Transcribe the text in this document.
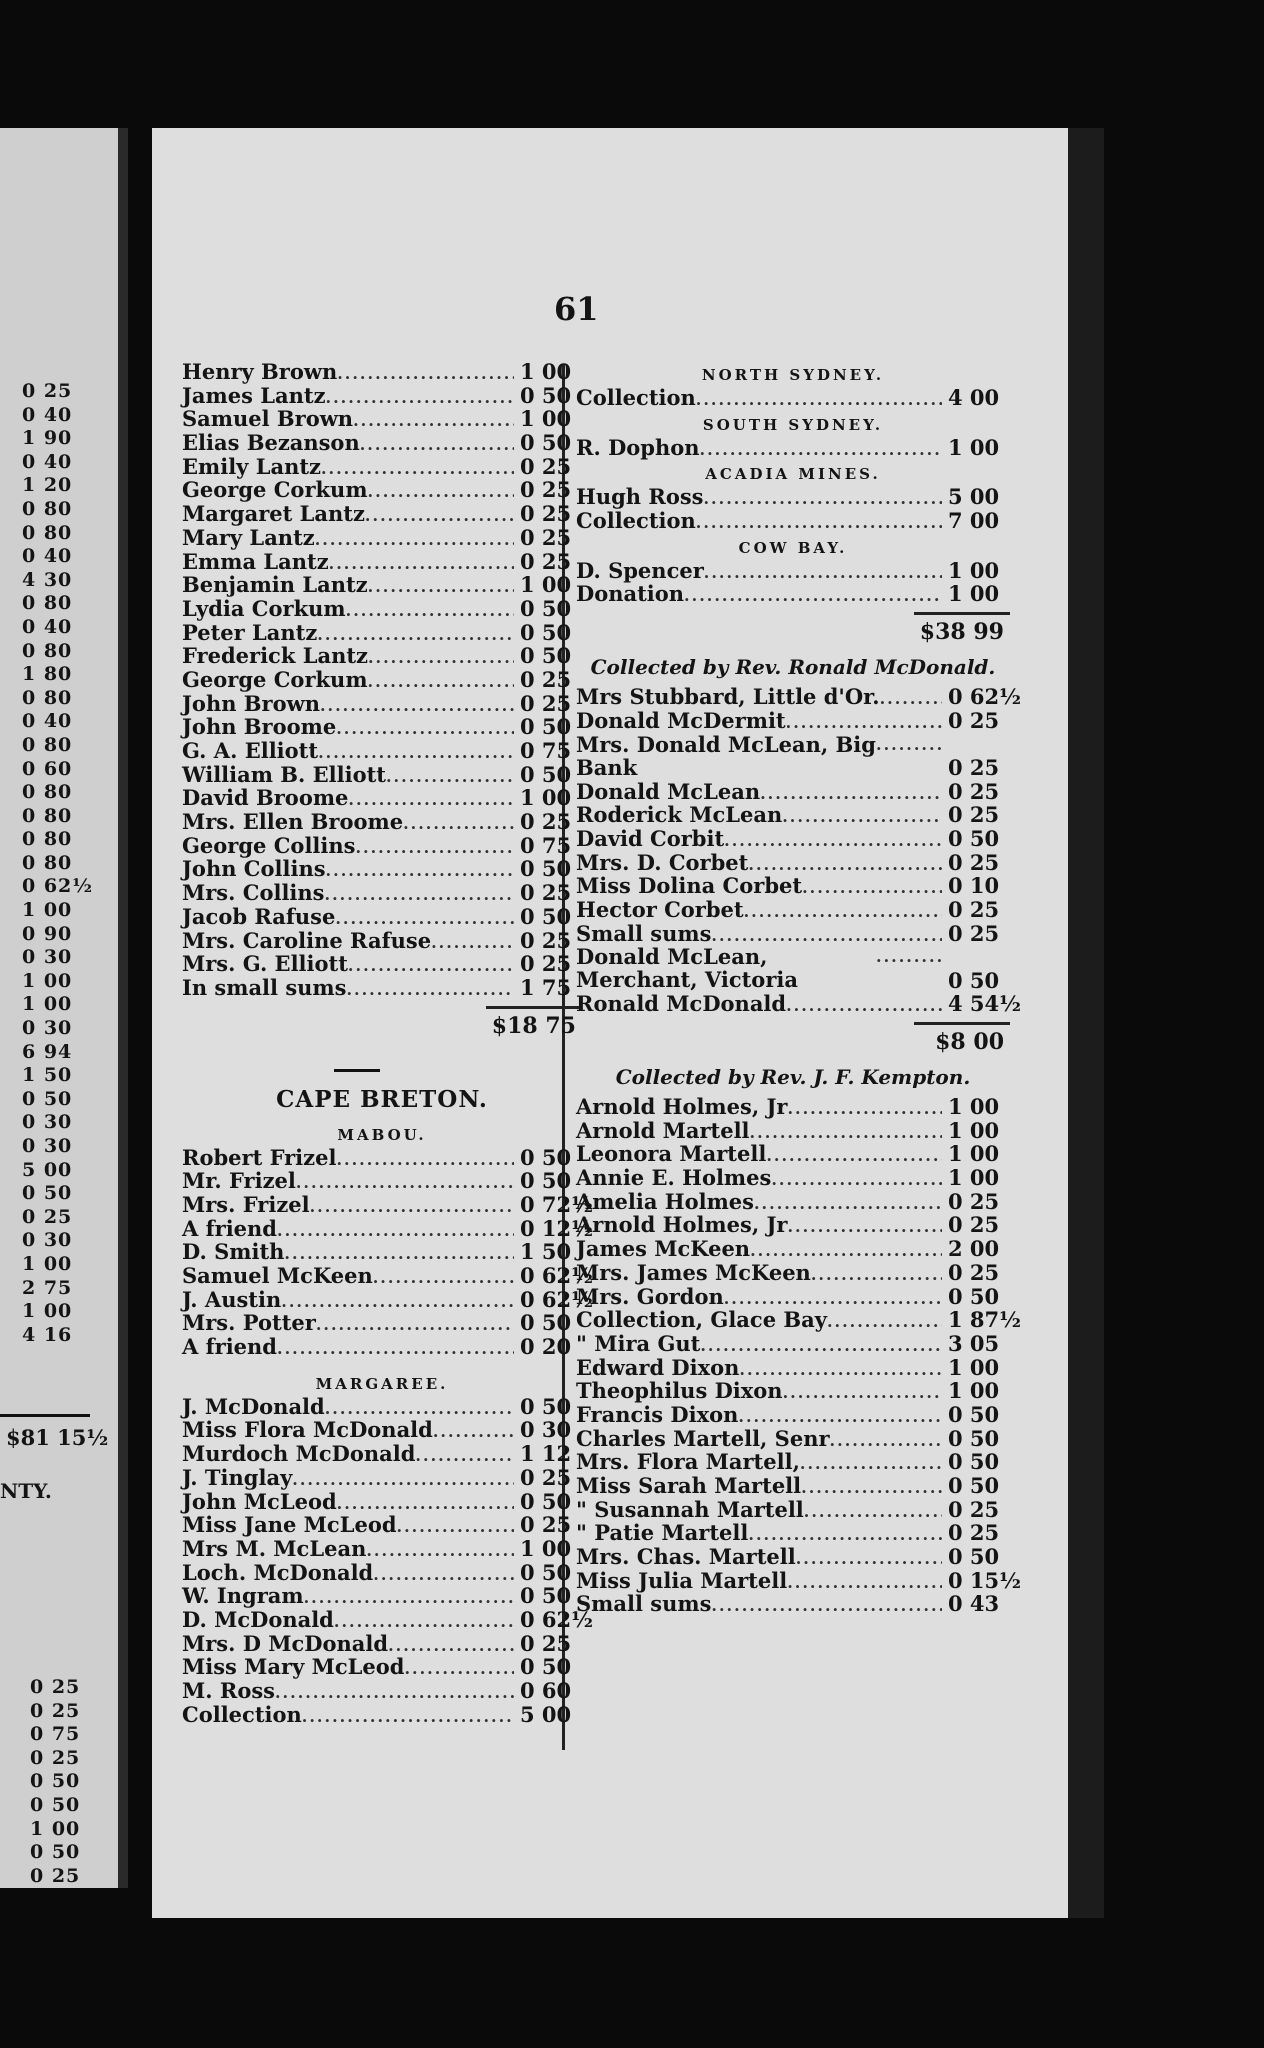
0 25
0 40
1 90
0 40
1 20
0 80
0 80
0 40
4 30
0 80
0 40
0 80
1 80
0 80
0 40
0 80
0 60
0 80
0 80
0 80
0 80
0 62½
1 00
0 90
0 30
1 00
1 00
0 30
6 94
1 50
0 50
0 30
0 30
5 00
0 50
0 25
0 30
1 00
2 75
1 00
4 16
$81 15½
NTY.
0 25
0 25
0 75
0 25
0 50
0 50
1 00
0 50
0 25
61
Henry Brown .....	1 00
James Lantz .....	0 50
Samuel Brown .....	1 00
Elias Bezanson .....	0 50
Emily Lantz .....	0 25
George Corkum .....	0 25
Margaret Lantz .....	0 25
Mary Lantz .....	0 25
Emma Lantz .....	0 25
Benjamin Lantz .....	1 00
Lydia Corkum .....	0 50
Peter Lantz .....	0 50
Frederick Lantz .....	0 50
George Corkum .....	0 25
John Brown .....	0 25
John Broome .....	0 50
G. A. Elliott .....	0 75
William B. Elliott .....	0 50
David Broome .....	1 00
Mrs. Ellen Broome .....	0 25
George Collins .....	0 75
John Collins .....	0 50
Mrs. Collins .....	0 25
Jacob Rafuse .....	0 50
Mrs. Caroline Rafuse .....	0 25
Mrs. G. Elliott .....	0 25
In small sums .....	1 75
$18 75
CAPE BRETON.
MABOU.
Robert Frizel .....	0 50
Mr. Frizel .....	0 50
Mrs. Frizel .....	0 72½
A friend .....	0 12½
D. Smith .....	1 50
Samuel McKeen .....	0 62½
J. Austin .....	0 62½
Mrs. Potter .....	0 50
A friend .....	0 20
MARGAREE.
J. McDonald .....	0 50
Miss Flora McDonald .....	0 30
Murdoch McDonald .....	1 12
J. Tinglay .....	0 25
John McLeod .....	0 50
Miss Jane McLeod .....	0 25
Mrs M. McLean .....	1 00
Loch. McDonald .....	0 50
W. Ingram .....	0 50
D. McDonald .....	0 62½
Mrs. D McDonald .....	0 25
Miss Mary McLeod .....	0 50
M. Ross .....	0 60
Collection .....	5 00
NORTH SYDNEY.
Collection .....	4 00
SOUTH SYDNEY.
R. Dophon .....	1 00
ACADIA MINES.
Hugh Ross .....	5 00
Collection .....	7 00
COW BAY.
D. Spencer .....	1 00
Donation .....	1 00
$38 99
Collected by Rev. Ronald McDonald.
Mrs Stubbard, Little d'Or. .....	0 62½
Donald McDermit .....	0 25
Mrs. Donald McLean, Big Bank
.....	0 25
Donald McLean .....	0 25
Roderick McLean .....	0 25
David Corbit .....	0 50
Mrs. D. Corbet .....	0 25
Miss Dolina Corbet .....	0 10
Hector Corbet .....	0 25
Small sums .....	0 25
Donald McLean, Merchant, Victoria
.....	0 50
Ronald McDonald .....	4 54½
$8 00
Collected by Rev. J. F. Kempton.
Arnold Holmes, Jr .....	1 00
Arnold Martell .....	1 00
Leonora Martell .....	1 00
Annie E. Holmes .....	1 00
Amelia Holmes .....	0 25
Arnold Holmes, Jr .....	0 25
James McKeen .....	2 00
Mrs. James McKeen .....	0 25
Mrs. Gordon .....	0 50
Collection, Glace Bay .....	1 87½
" Mira Gut .....	3 05
Edward Dixon .....	1 00
Theophilus Dixon .....	1 00
Francis Dixon .....	0 50
Charles Martell, Senr .....	0 50
Mrs. Flora Martell, .....	0 50
Miss Sarah Martell .....	0 50
" Susannah Martell .....	0 25
" Patie Martell .....	0 25
Mrs. Chas. Martell .....	0 50
Miss Julia Martell .....	0 15½
Small sums .....	0 43
